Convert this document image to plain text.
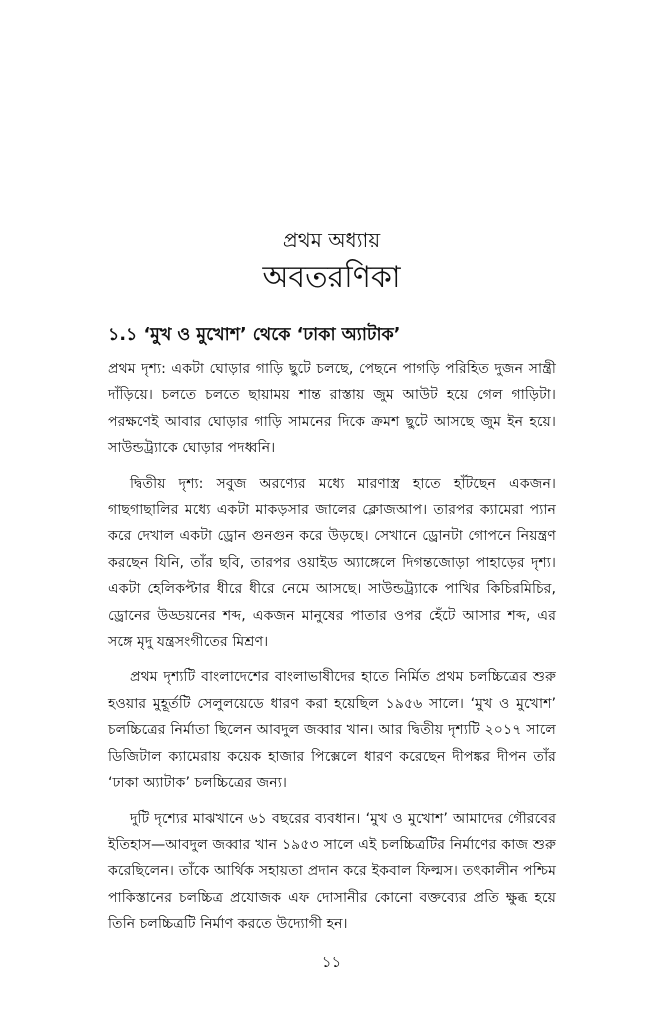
প্রথম অধ্যায়
অবতরণিকা
১.১ ‘মুখ ও মুখোশ’ থেকে ‘ঢাকা অ্যাটাক’

প্রথম দৃশ্য: একটা ঘোড়ার গাড়ি ছুটে চলছে, পেছনে পাগড়ি পরিহিত দুজন সান্ত্রী দাঁড়িয়ে। চলতে চলতে ছায়াময় শান্ত রাস্তায় জুম আউট হয়ে গেল গাড়িটা। পরক্ষণেই আবার ঘোড়ার গাড়ি সামনের দিকে ক্রমশ ছুটে আসছে জুম ইন হয়ে। সাউন্ডট্র্যাকে ঘোড়ার পদধ্বনি।

দ্বিতীয় দৃশ্য: সবুজ অরণ্যের মধ্যে মারণাস্ত্র হাতে হাঁটছেন একজন। গাছগাছালির মধ্যে একটা মাকড়সার জালের ক্লোজআপ। তারপর ক্যামেরা প্যান করে দেখাল একটা ড্রোন গুনগুন করে উড়ছে। সেখানে ড্রোনটা গোপনে নিয়ন্ত্রণ করছেন যিনি, তাঁর ছবি, তারপর ওয়াইড অ্যাঙ্গেলে দিগন্তজোড়া পাহাড়ের দৃশ্য। একটা হেলিকপ্টার ধীরে ধীরে নেমে আসছে। সাউন্ডট্র্যাকে পাখির কিচিরমিচির, ড্রোনের উড্ডয়নের শব্দ, একজন মানুষের পাতার ওপর হেঁটে আসার শব্দ, এর সঙ্গে মৃদু যন্ত্রসংগীতের মিশ্রণ।

প্রথম দৃশ্যটি বাংলাদেশের বাংলাভাষীদের হাতে নির্মিত প্রথম চলচ্চিত্রের শুরু হওয়ার মুহূর্তটি সেলুলয়েডে ধারণ করা হয়েছিল ১৯৫৬ সালে। ‘মুখ ও মুখোশ’ চলচ্চিত্রের নির্মাতা ছিলেন আবদুল জব্বার খান। আর দ্বিতীয় দৃশ্যটি ২০১৭ সালে ডিজিটাল ক্যামেরায় কয়েক হাজার পিক্সেলে ধারণ করেছেন দীপঙ্কর দীপন তাঁর ‘ঢাকা অ্যাটাক’ চলচ্চিত্রের জন্য।

দুটি দৃশ্যের মাঝখানে ৬১ বছরের ব্যবধান। ‘মুখ ও মুখোশ’ আমাদের গৌরবের ইতিহাস—আবদুল জব্বার খান ১৯৫৩ সালে এই চলচ্চিত্রটির নির্মাণের কাজ শুরু করেছিলেন। তাঁকে আর্থিক সহায়তা প্রদান করে ইকবাল ফিল্মস। তৎকালীন পশ্চিম পাকিস্তানের চলচ্চিত্র প্রযোজক এফ দোসানীর কোনো বক্তব্যের প্রতি ক্ষুব্ধ হয়ে তিনি চলচ্চিত্রটি নির্মাণ করতে উদ্যোগী হন।

১১
